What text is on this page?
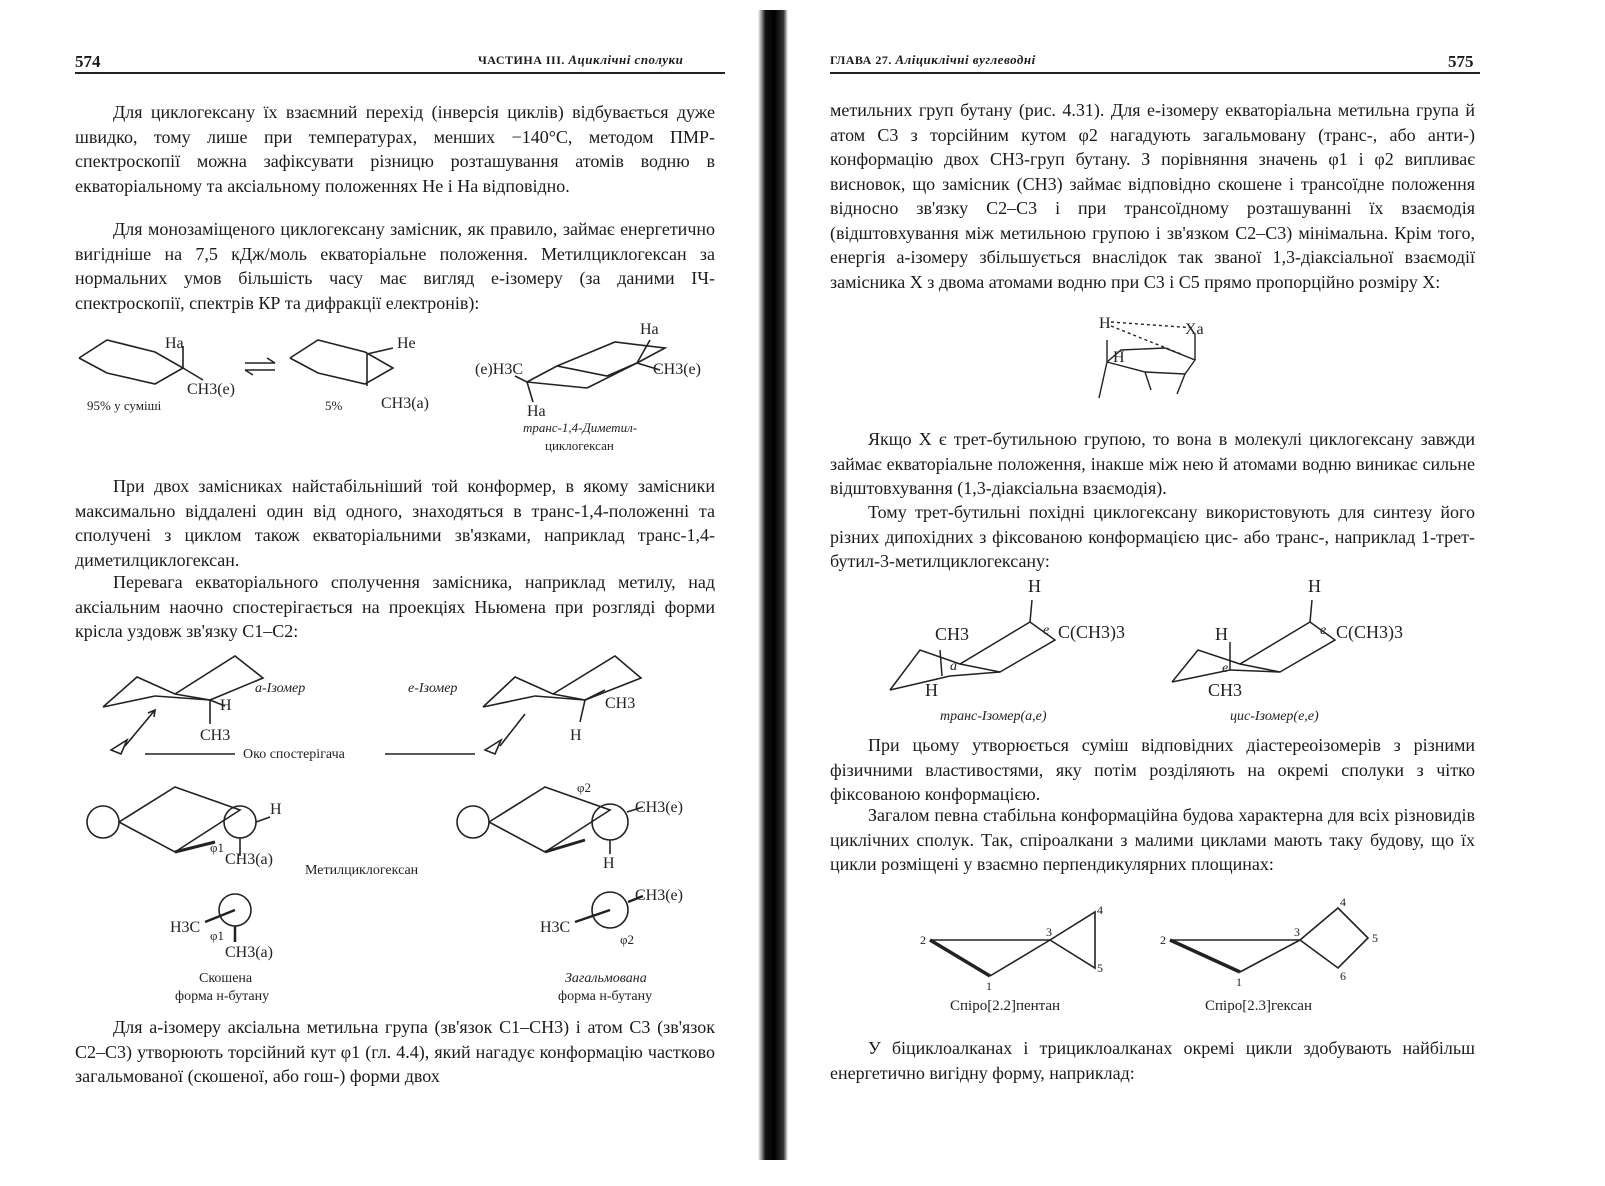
574	ЧАСТИНА III. Ациклічні сполуки
Для циклогексану їх взаємний перехід (інверсія циклів) відбувається дуже швидко, тому лише при температурах, менших −140°С, методом ПМР-спектроскопії можна зафіксувати різницю розташування атомів водню в екваторіальному та аксіальному положеннях He і Ha відповідно.
Для монозаміщеного циклогексану замісник, як правило, займає енергетично вигідніше на 7,5 кДж/моль екваторіальне положення. Метилциклогексан за нормальних умов більшість часу має вигляд е-ізомеру (за даними ІЧ-спектроскопії, спектрів КР та дифракції електронів):
Ha
CH3(e)
He
CH3(a)
(e)H3C
Ha
CH3(e)
Ha
95% у суміші	5%
транс-1,4-Диметил-
циклогексан
При двох замісниках найстабільніший той конформер, в якому замісники максимально віддалені один від одного, знаходяться в транс-1,4-положенні та сполучені з циклом також екваторіальними зв'язками, наприклад транс-1,4-диметилциклогексан.
Перевага екваторіального сполучення замісника, наприклад метилу, над аксіальним наочно спостерігається на проекціях Ньюмена при розгляді форми крісла уздовж зв'язку С1–С2:
H
CH3
a-Ізомер	e-Ізомер
CH3
H
Око спостерігача
H
φ1
CH3(a)
Метилциклогексан
φ2
CH3(e)
H
H3C φ1
CH3(a)
H3C
CH3(e)
φ2
Скошена
форма н-бутану
Загальмована
форма н-бутану
Для a-ізомеру аксіальна метильна група (зв'язок С1–СН3) і атом С3 (зв'язок С2–С3) утворюють торсійний кут φ1 (гл. 4.4), який нагадує конформацію частково загальмованої (скошеної, або гош-) форми двох
ГЛАВА 27. Аліциклічні вуглеводні	575
метильних груп бутану (рис. 4.31). Для е-ізомеру екваторіальна метильна група й атом С3 з торсійним кутом φ2 нагадують загальмовану (транс-, або анти-) конформацію двох СН3-груп бутану. З порівняння значень φ1 і φ2 випливає висновок, що замісник (СН3) займає відповідно скошене і трансоїдне положення відносно зв'язку С2–С3 і при трансоїдному розташуванні їх взаємодія (відштовхування між метильною групою і зв'язком С2–С3) мінімальна. Крім того, енергія a-ізомеру збільшується внаслідок так званої 1,3-діаксіальної взаємодії замісника X з двома атомами водню при С3 і С5 прямо пропорційно розміру X:
H	Xa
H
Якщо X є трет-бутильною групою, то вона в молекулі циклогексану завжди займає екваторіальне положення, інакше між нею й атомами водню виникає сильне відштовхування (1,3-діаксіальна взаємодія).
Тому трет-бутильні похідні циклогексану використовують для синтезу його різних дипохідних з фіксованою конформацією цис- або транс-, наприклад 1-трет-бутил-3-метилциклогексану:
H
CH3	e C(CH3)3
a
H
H
H	e C(CH3)3
e
CH3
транс-Ізомер(a,e)	цис-Ізомер(e,e)
При цьому утворюється суміш відповідних діастереоізомерів з різними фізичними властивостями, яку потім розділяють на окремі сполуки з чітко фіксованою конформацією.
Загалом певна стабільна конформаційна будова характерна для всіх різновидів циклічних сполук. Так, спіроалкани з малими циклами мають таку будову, що їх цикли розміщені у взаємно перпендикулярних площинах:
2
1
3
4
5
2
1
3
4
5
6
Спіро[2.2]пентан	Спіро[2.3]гексан
У біциклоалканах і трициклоалканах окремі цикли здобувають найбільш енергетично вигідну форму, наприклад:
